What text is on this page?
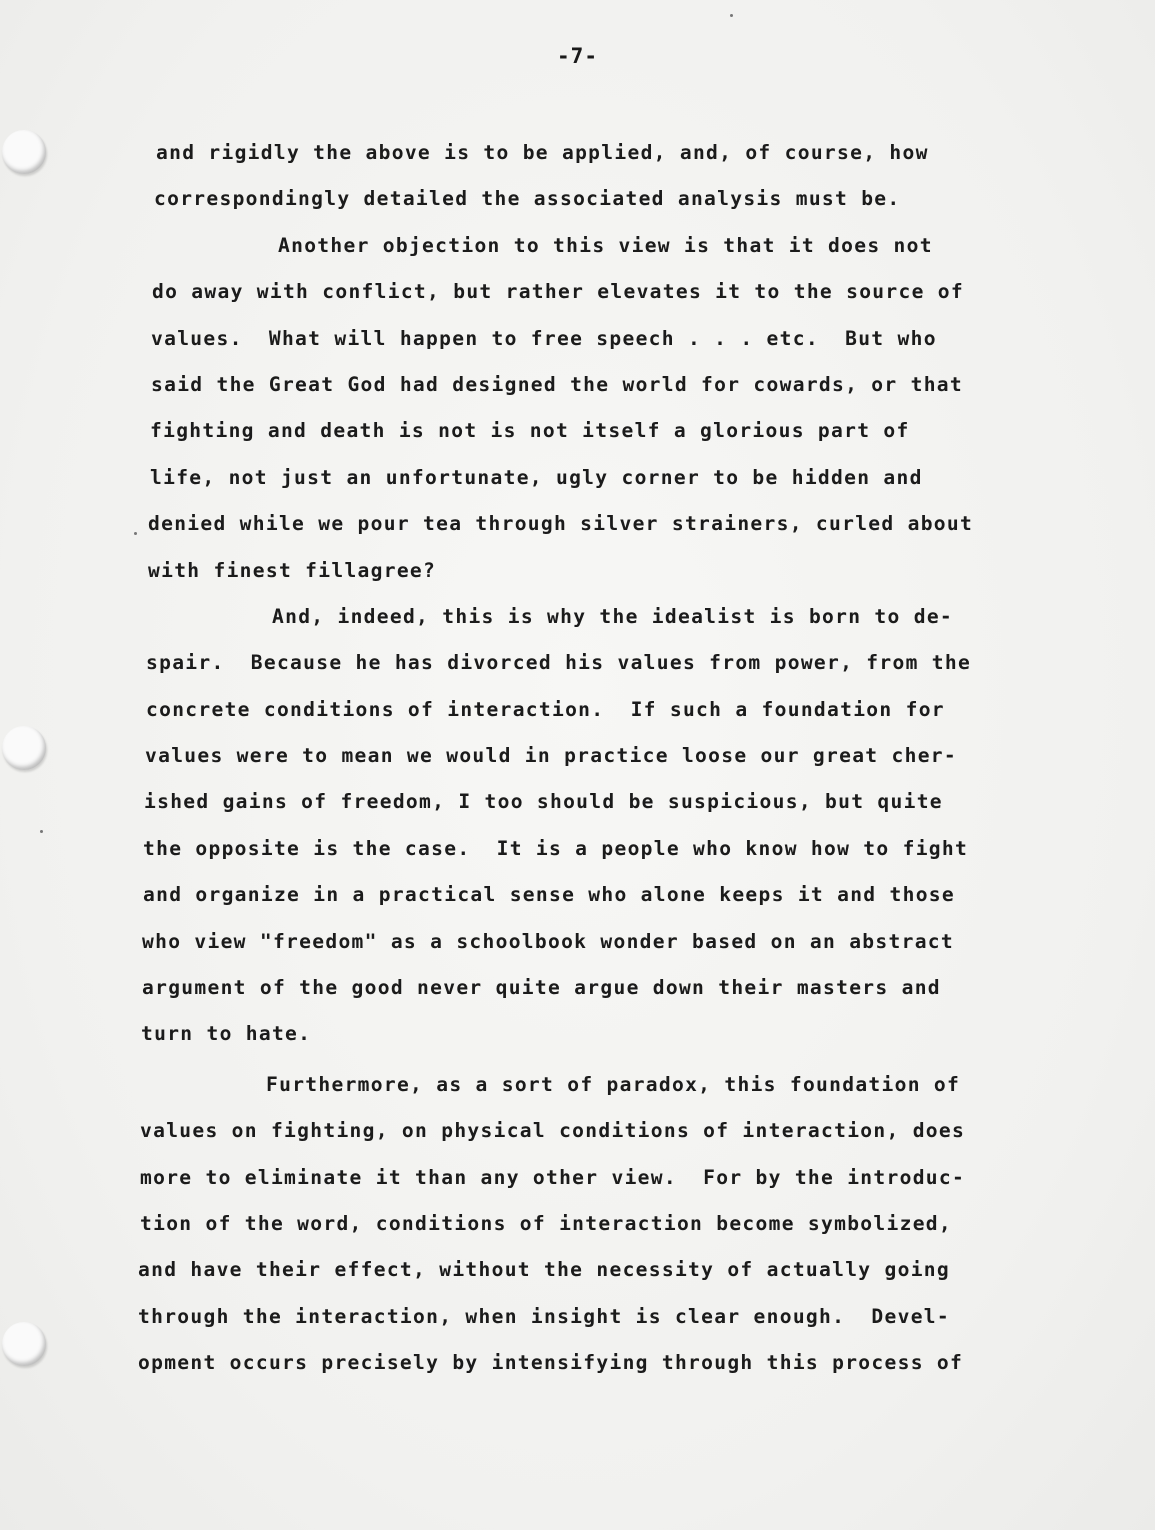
-7-
and rigidly the above is to be applied, and, of course, how
correspondingly detailed the associated analysis must be.
Another objection to this view is that it does not
do away with conflict, but rather elevates it to the source of
values.  What will happen to free speech . . . etc.  But who
said the Great God had designed the world for cowards, or that
fighting and death is not is not itself a glorious part of
life, not just an unfortunate, ugly corner to be hidden and
denied while we pour tea through silver strainers, curled about
with finest fillagree?
And, indeed, this is why the idealist is born to de-
spair.  Because he has divorced his values from power, from the
concrete conditions of interaction.  If such a foundation for
values were to mean we would in practice loose our great cher-
ished gains of freedom, I too should be suspicious, but quite
the opposite is the case.  It is a people who know how to fight
and organize in a practical sense who alone keeps it and those
who view "freedom" as a schoolbook wonder based on an abstract
argument of the good never quite argue down their masters and
turn to hate.
Furthermore, as a sort of paradox, this foundation of
values on fighting, on physical conditions of interaction, does
more to eliminate it than any other view.  For by the introduc-
tion of the word, conditions of interaction become symbolized,
and have their effect, without the necessity of actually going
through the interaction, when insight is clear enough.  Devel-
opment occurs precisely by intensifying through this process of
